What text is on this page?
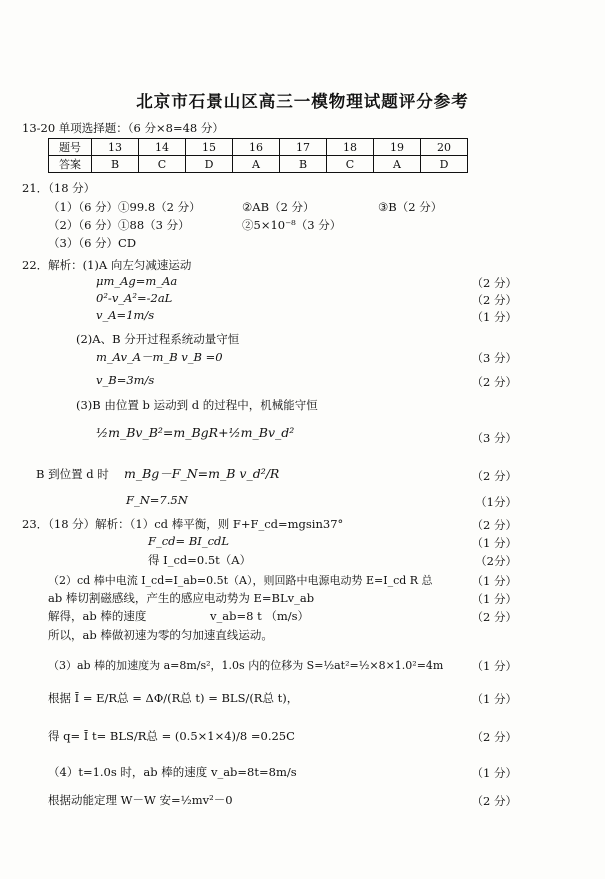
北京市石景山区高三一模物理试题评分参考
13-20 单项选择题：（6 分×8=48 分）
题号	13	14	15	16	17	18	19	20
答案	B	C	D	A	B	C	A	D
21．（18 分）
（1）（6 分）①99.8（2 分）	②AB（2 分）	③B（2 分）
（2）（6 分）①88（3 分）	②5×10⁻⁸（3 分）
（3）（6 分）CD
22．解析：(1)A 向左匀减速运动
μm_Ag=m_Aa	（2 分）
0²-v_A²=-2aL	（2 分）
v_A=1m/s	（1 分）
(2)A、B 分开过程系统动量守恒
m_Av_A－m_B v_B =0	（3 分）
v_B=3m/s	（2 分）
(3)B 由位置 b 运动到 d 的过程中，机械能守恒
½m_Bv_B²=m_BgR+½m_Bv_d²	（3 分）
B 到位置 d 时 m_Bg－F_N=m_B v_d²/R	（2 分）
F_N=7.5N	（1分）
23．（18 分）解析：（1）cd 棒平衡，则 F+F_cd=mgsin37°	（2 分）
F_cd= BI_cdL	（1 分）
得 I_cd=0.5t（A）	（2分）
（2）cd 棒中电流 I_cd=I_ab=0.5t（A），则回路中电源电动势 E=I_cd R 总	（1 分）
ab 棒切割磁感线，产生的感应电动势为 E=BLv_ab	（1 分）
解得，ab 棒的速度	v_ab=8 t （m/s）	（2 分）
所以，ab 棒做初速为零的匀加速直线运动。
（3）ab 棒的加速度为 a=8m/s²，1.0s 内的位移为 S=½at²=½×8×1.0²=4m （1 分）
根据 Ī = E/R总 = ΔΦ/(R总 t) = BLS/(R总 t)，	（1 分）
得 q= Ī t= BLS/R总 = (0.5×1×4)/8 =0.25C	（2 分）
（4）t=1.0s 时，ab 棒的速度 v_ab=8t=8m/s	（1 分）
根据动能定理 W－W 安=½mv²－0	（2 分）
